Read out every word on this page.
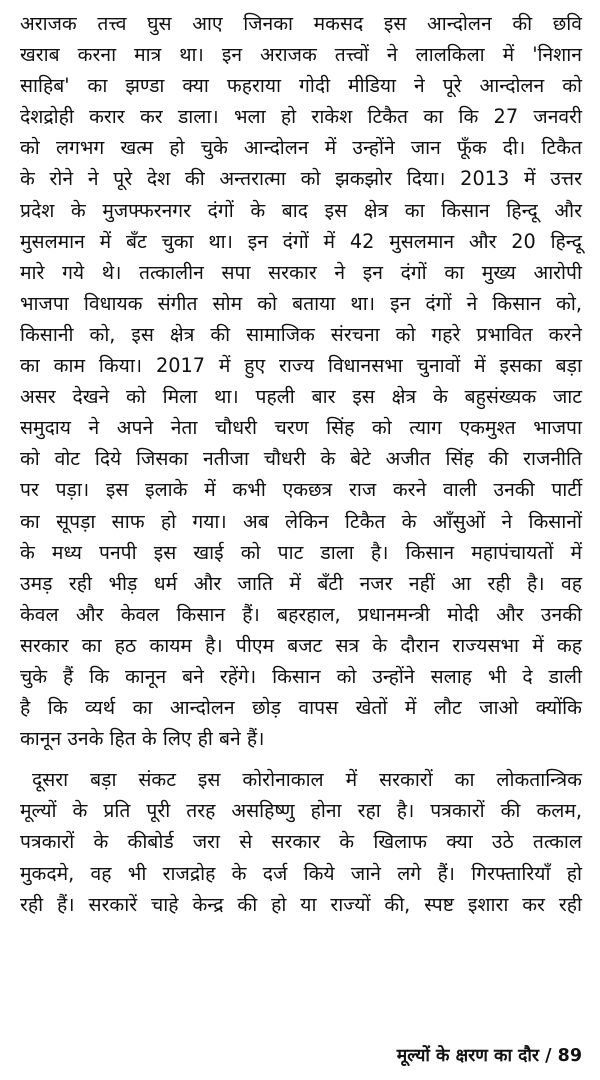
अराजक तत्त्व घुस आए जिनका मकसद इस आन्दोलन की छवि
खराब करना मात्र था। इन अराजक तत्त्वों ने लालकिला में 'निशान
साहिब' का झण्डा क्या फहराया गोदी मीडिया ने पूरे आन्दोलन को
देशद्रोही करार कर डाला। भला हो राकेश टिकैत का कि 27 जनवरी
को लगभग खत्म हो चुके आन्दोलन में उन्होंने जान फूँक दी। टिकैत
के रोने ने पूरे देश की अन्तरात्मा को झकझोर दिया। 2013 में उत्तर
प्रदेश के मुजफ्फरनगर दंगों के बाद इस क्षेत्र का किसान हिन्दू और
मुसलमान में बँट चुका था। इन दंगों में 42 मुसलमान और 20 हिन्दू
मारे गये थे। तत्कालीन सपा सरकार ने इन दंगों का मुख्य आरोपी
भाजपा विधायक संगीत सोम को बताया था। इन दंगों ने किसान को,
किसानी को, इस क्षेत्र की सामाजिक संरचना को गहरे प्रभावित करने
का काम किया। 2017 में हुए राज्य विधानसभा चुनावों में इसका बड़ा
असर देखने को मिला था। पहली बार इस क्षेत्र के बहुसंख्यक जाट
समुदाय ने अपने नेता चौधरी चरण सिंह को त्याग एकमुश्त भाजपा
को वोट दिये जिसका नतीजा चौधरी के बेटे अजीत सिंह की राजनीति
पर पड़ा। इस इलाके में कभी एकछत्र राज करने वाली उनकी पार्टी
का सूपड़ा साफ हो गया। अब लेकिन टिकैत के आँसुओं ने किसानों
के मध्य पनपी इस खाई को पाट डाला है। किसान महापंचायतों में
उमड़ रही भीड़ धर्म और जाति में बँटी नजर नहीं आ रही है। वह
केवल और केवल किसान हैं। बहरहाल, प्रधानमन्त्री मोदी और उनकी
सरकार का हठ कायम है। पीएम बजट सत्र के दौरान राज्यसभा में कह
चुके हैं कि कानून बने रहेंगे। किसान को उन्होंने सलाह भी दे डाली
है कि व्यर्थ का आन्दोलन छोड़ वापस खेतों में लौट जाओ क्योंकि
कानून उनके हित के लिए ही बने हैं।
दूसरा बड़ा संकट इस कोरोनाकाल में सरकारों का लोकतान्त्रिक
मूल्यों के प्रति पूरी तरह असहिष्णु होना रहा है। पत्रकारों की कलम,
पत्रकारों के कीबोर्ड जरा से सरकार के खिलाफ क्या उठे तत्काल
मुकदमे, वह भी राजद्रोह के दर्ज किये जाने लगे हैं। गिरफ्तारियाँ हो
रही हैं। सरकारें चाहे केन्द्र की हो या राज्यों की, स्पष्ट इशारा कर रही
मूल्यों के क्षरण का दौर / 89
